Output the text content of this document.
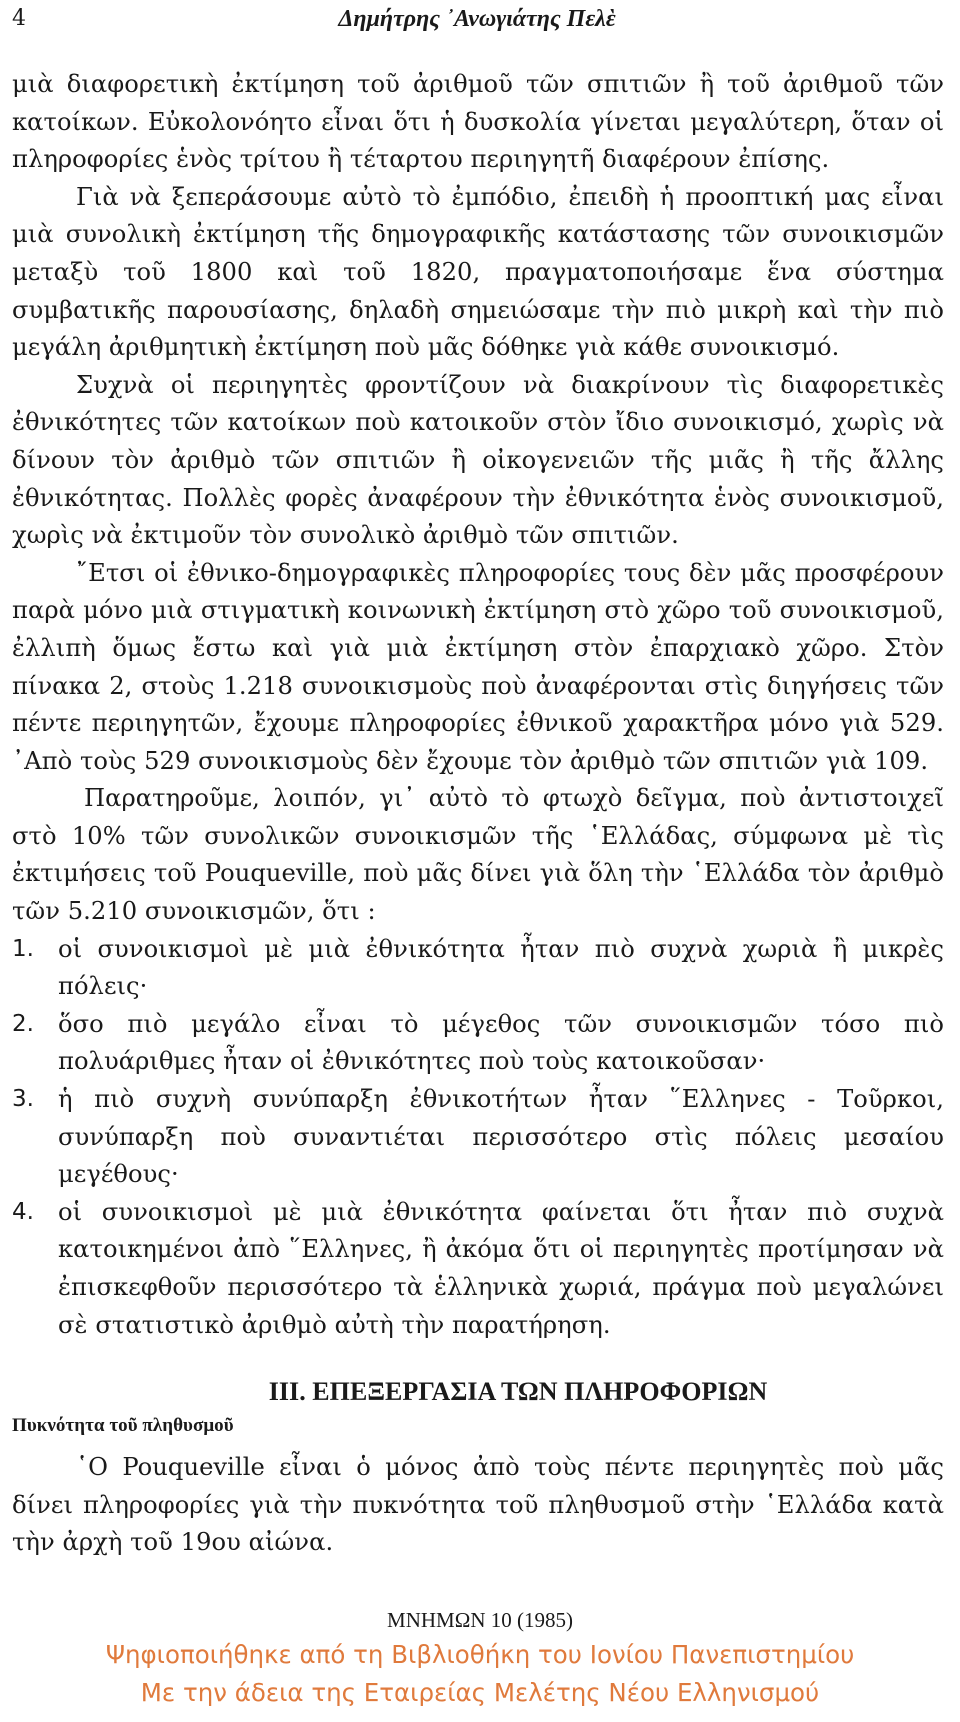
4	Δημήτρης ᾽Ανωγιάτης Πελὲ

μιὰ διαφορετικὴ ἐκτίμηση τοῦ ἀριθμοῦ τῶν σπιτιῶν ἢ τοῦ ἀριθμοῦ τῶν κατοίκων. Εὐκολονόητο εἶναι ὅτι ἡ δυσκολία γίνεται μεγαλύτερη, ὅταν οἱ πληροφορίες ἑνὸς τρίτου ἢ τέταρτου περιηγητῆ διαφέρουν ἐπίσης.

Γιὰ νὰ ξεπεράσουμε αὐτὸ τὸ ἐμπόδιο, ἐπειδὴ ἡ προοπτική μας εἶναι μιὰ συνολικὴ ἐκτίμηση τῆς δημογραφικῆς κατάστασης τῶν συνοικισμῶν μεταξὺ τοῦ 1800 καὶ τοῦ 1820, πραγματοποιήσαμε ἕνα σύστημα συμβατικῆς παρουσίασης, δηλαδὴ σημειώσαμε τὴν πιὸ μικρὴ καὶ τὴν πιὸ μεγάλη ἀριθμητικὴ ἐκτίμηση ποὺ μᾶς δόθηκε γιὰ κάθε συνοικισμό.

Συχνὰ οἱ περιηγητὲς φροντίζουν νὰ διακρίνουν τὶς διαφορετικὲς ἐθνικότητες τῶν κατοίκων ποὺ κατοικοῦν στὸν ἴδιο συνοικισμό, χωρὶς νὰ δίνουν τὸν ἀριθμὸ τῶν σπιτιῶν ἢ οἰκογενειῶν τῆς μιᾶς ἢ τῆς ἄλλης ἐθνικότητας. Πολλὲς φορὲς ἀναφέρουν τὴν ἐθνικότητα ἑνὸς συνοικισμοῦ, χωρὶς νὰ ἐκτιμοῦν τὸν συνολικὸ ἀριθμὸ τῶν σπιτιῶν.

῎Ετσι οἱ ἐθνικο-δημογραφικὲς πληροφορίες τους δὲν μᾶς προσφέρουν παρὰ μόνο μιὰ στιγματικὴ κοινωνικὴ ἐκτίμηση στὸ χῶρο τοῦ συνοικισμοῦ, ἐλλιπὴ ὅμως ἔστω καὶ γιὰ μιὰ ἐκτίμηση στὸν ἐπαρχιακὸ χῶρο. Στὸν πίνακα 2, στοὺς 1.218 συνοικισμοὺς ποὺ ἀναφέρονται στὶς διηγήσεις τῶν πέντε περιηγητῶν, ἔχουμε πληροφορίες ἐθνικοῦ χαρακτῆρα μόνο γιὰ 529. ᾽Απὸ τοὺς 529 συνοικισμοὺς δὲν ἔχουμε τὸν ἀριθμὸ τῶν σπιτιῶν γιὰ 109.

Παρατηροῦμε, λοιπόν, γι᾽ αὐτὸ τὸ φτωχὸ δεῖγμα, ποὺ ἀντιστοιχεῖ στὸ 10% τῶν συνολικῶν συνοικισμῶν τῆς ῾Ελλάδας, σύμφωνα μὲ τὶς ἐκτιμήσεις τοῦ Pouqueville, ποὺ μᾶς δίνει γιὰ ὅλη τὴν ῾Ελλάδα τὸν ἀριθμὸ τῶν 5.210 συνοικισμῶν, ὅτι :

1. οἱ συνοικισμοὶ μὲ μιὰ ἐθνικότητα ἦταν πιὸ συχνὰ χωριὰ ἢ μικρὲς πόλεις·
2. ὅσο πιὸ μεγάλο εἶναι τὸ μέγεθος τῶν συνοικισμῶν τόσο πιὸ πολυάριθμες ἦταν οἱ ἐθνικότητες ποὺ τοὺς κατοικοῦσαν·
3. ἡ πιὸ συχνὴ συνύπαρξη ἐθνικοτήτων ἦταν ῞Ελληνες - Τοῦρκοι, συνύπαρξη ποὺ συναντιέται περισσότερο στὶς πόλεις μεσαίου μεγέθους·
4. οἱ συνοικισμοὶ μὲ μιὰ ἐθνικότητα φαίνεται ὅτι ἦταν πιὸ συχνὰ κατοικημένοι ἀπὸ ῞Ελληνες, ἢ ἀκόμα ὅτι οἱ περιηγητὲς προτίμησαν νὰ ἐπισκεφθοῦν περισσότερο τὰ ἑλληνικὰ χωριά, πράγμα ποὺ μεγαλώνει σὲ στατιστικὸ ἀριθμὸ αὐτὴ τὴν παρατήρηση.
III. ΕΠΕΞΕΡΓΑΣΙΑ ΤΩΝ ΠΛΗΡΟΦΟΡΙΩΝ
Πυκνότητα τοῦ πληθυσμοῦ

῾Ο Pouqueville εἶναι ὁ μόνος ἀπὸ τοὺς πέντε περιηγητὲς ποὺ μᾶς δίνει πληροφορίες γιὰ τὴν πυκνότητα τοῦ πληθυσμοῦ στὴν ῾Ελλάδα κατὰ τὴν ἀρχὴ τοῦ 19ου αἰώνα.

ΜΝΗΜΩΝ 10 (1985)
Ψηφιοποιήθηκε από τη Βιβλιοθήκη του Ιονίου Πανεπιστημίου
Με την άδεια της Εταιρείας Μελέτης Νέου Ελληνισμού
